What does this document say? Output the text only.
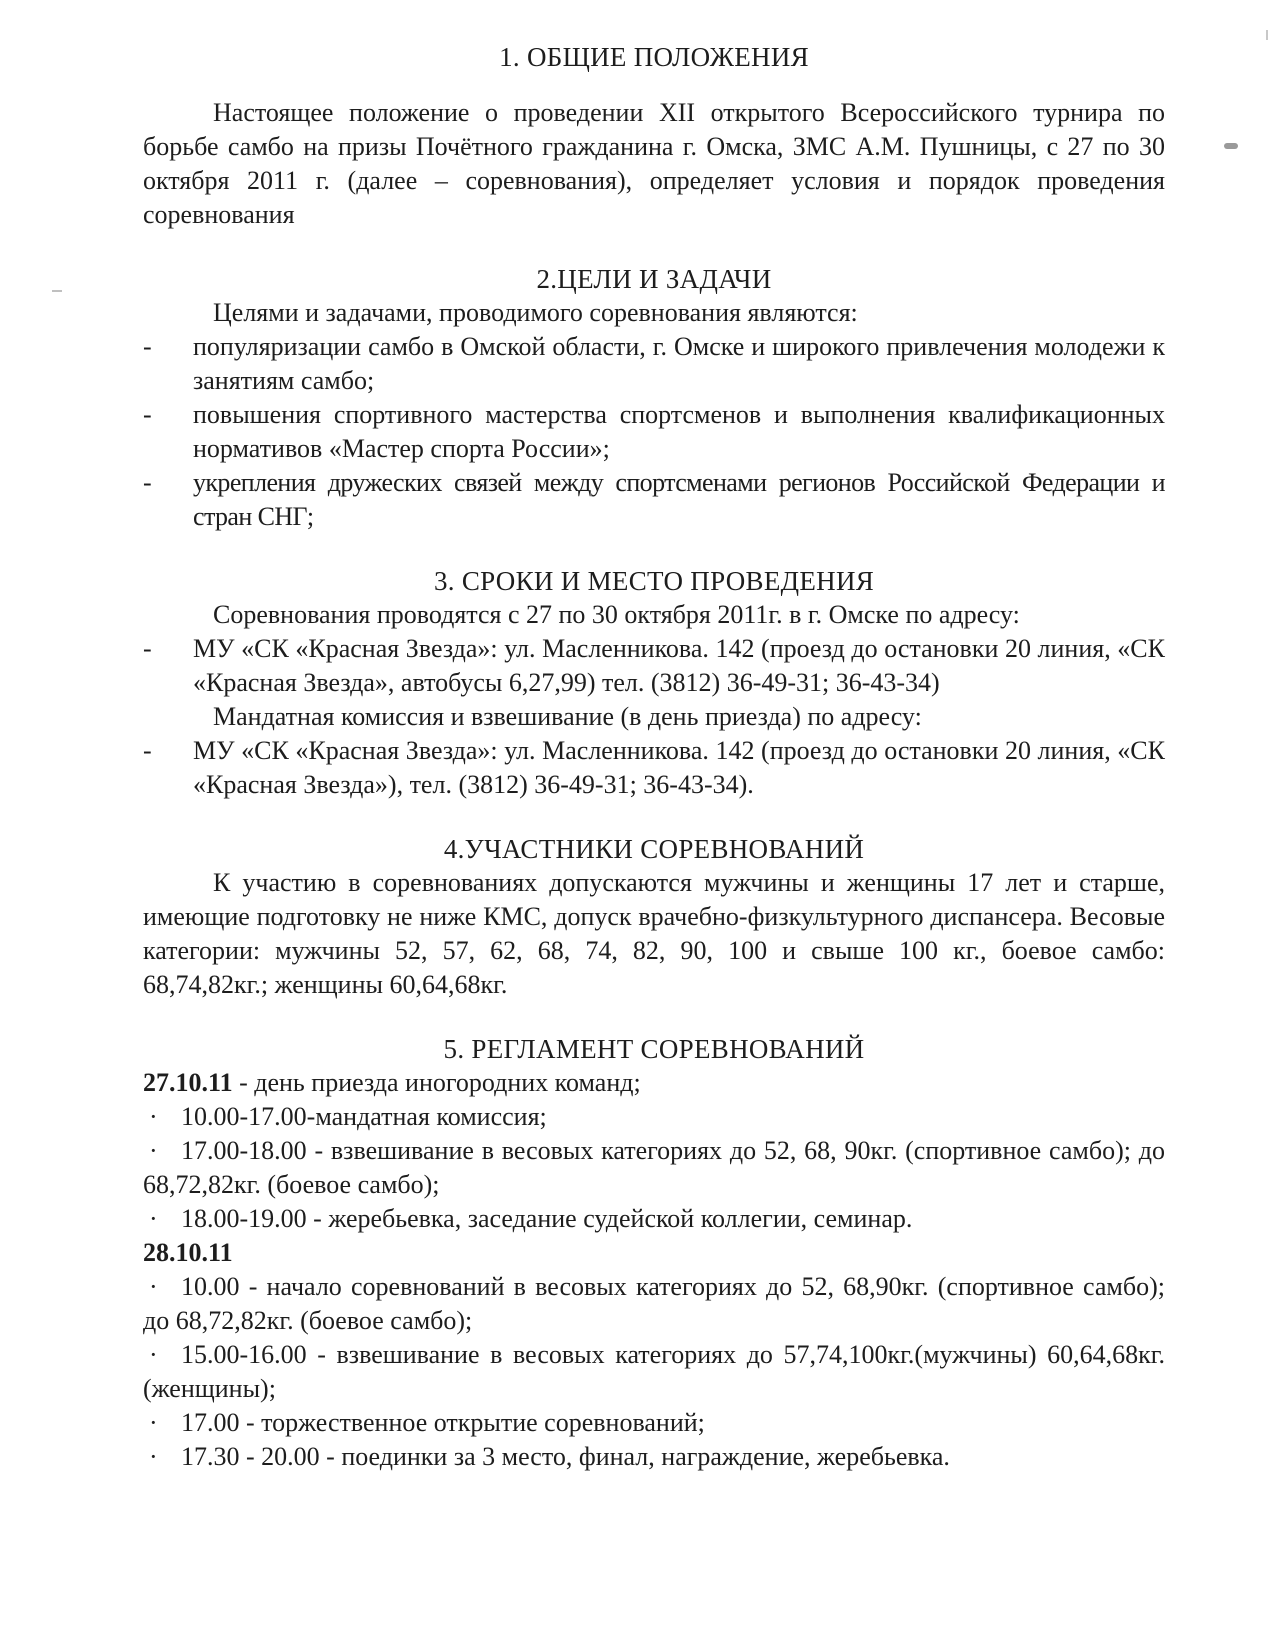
1. ОБЩИЕ ПОЛОЖЕНИЯ

Настоящее положение о проведении XII открытого Всероссийского турнира по борьбе самбо на призы Почётного гражданина г. Омска, ЗМС А.М. Пушницы, с 27 по 30 октября 2011 г. (далее – соревнования), определяет условия и порядок проведения соревнования

2.ЦЕЛИ И ЗАДАЧИ

Целями и задачами, проводимого соревнования являются:

- популяризации самбо в Омской области, г. Омске и широкого привлечения молодежи к занятиям самбо;

- повышения спортивного мастерства спортсменов и выполнения квалификационных нормативов «Мастер спорта России»;

- укрепления дружеских связей между спортсменами регионов Российской Федерации и стран СНГ;

3. СРОКИ И МЕСТО ПРОВЕДЕНИЯ

Соревнования проводятся с 27 по 30 октября 2011г. в г. Омске по адресу:

- МУ «СК «Красная Звезда»: ул. Масленникова. 142 (проезд до остановки 20 линия, «СК «Красная Звезда», автобусы 6,27,99) тел. (3812) 36-49-31; 36-43-34)

Мандатная комиссия и взвешивание (в день приезда) по адресу:

- МУ «СК «Красная Звезда»: ул. Масленникова. 142 (проезд до остановки 20 линия, «СК «Красная Звезда»), тел. (3812) 36-49-31; 36-43-34).

4.УЧАСТНИКИ СОРЕВНОВАНИЙ

К участию в соревнованиях допускаются мужчины и женщины 17 лет и старше, имеющие подготовку не ниже КМС, допуск врачебно-физкультурного диспансера. Весовые категории: мужчины 52, 57, 62, 68, 74, 82, 90, 100 и свыше 100 кг., боевое самбо: 68,74,82кг.; женщины 60,64,68кг.

5. РЕГЛАМЕНТ СОРЕВНОВАНИЙ

27.10.11 - день приезда иногородних команд;

· 10.00-17.00-мандатная комиссия;

· 17.00-18.00 - взвешивание в весовых категориях до 52, 68, 90кг. (спортивное самбо); до 68,72,82кг. (боевое самбо);

· 18.00-19.00 - жеребьевка, заседание судейской коллегии, семинар.

28.10.11

· 10.00 - начало соревнований в весовых категориях до 52, 68,90кг. (спортивное самбо); до 68,72,82кг. (боевое самбо);

· 15.00-16.00 - взвешивание в весовых категориях до 57,74,100кг.(мужчины) 60,64,68кг. (женщины);

· 17.00 - торжественное открытие соревнований;

· 17.30 - 20.00 - поединки за 3 место, финал, награждение, жеребьевка.
